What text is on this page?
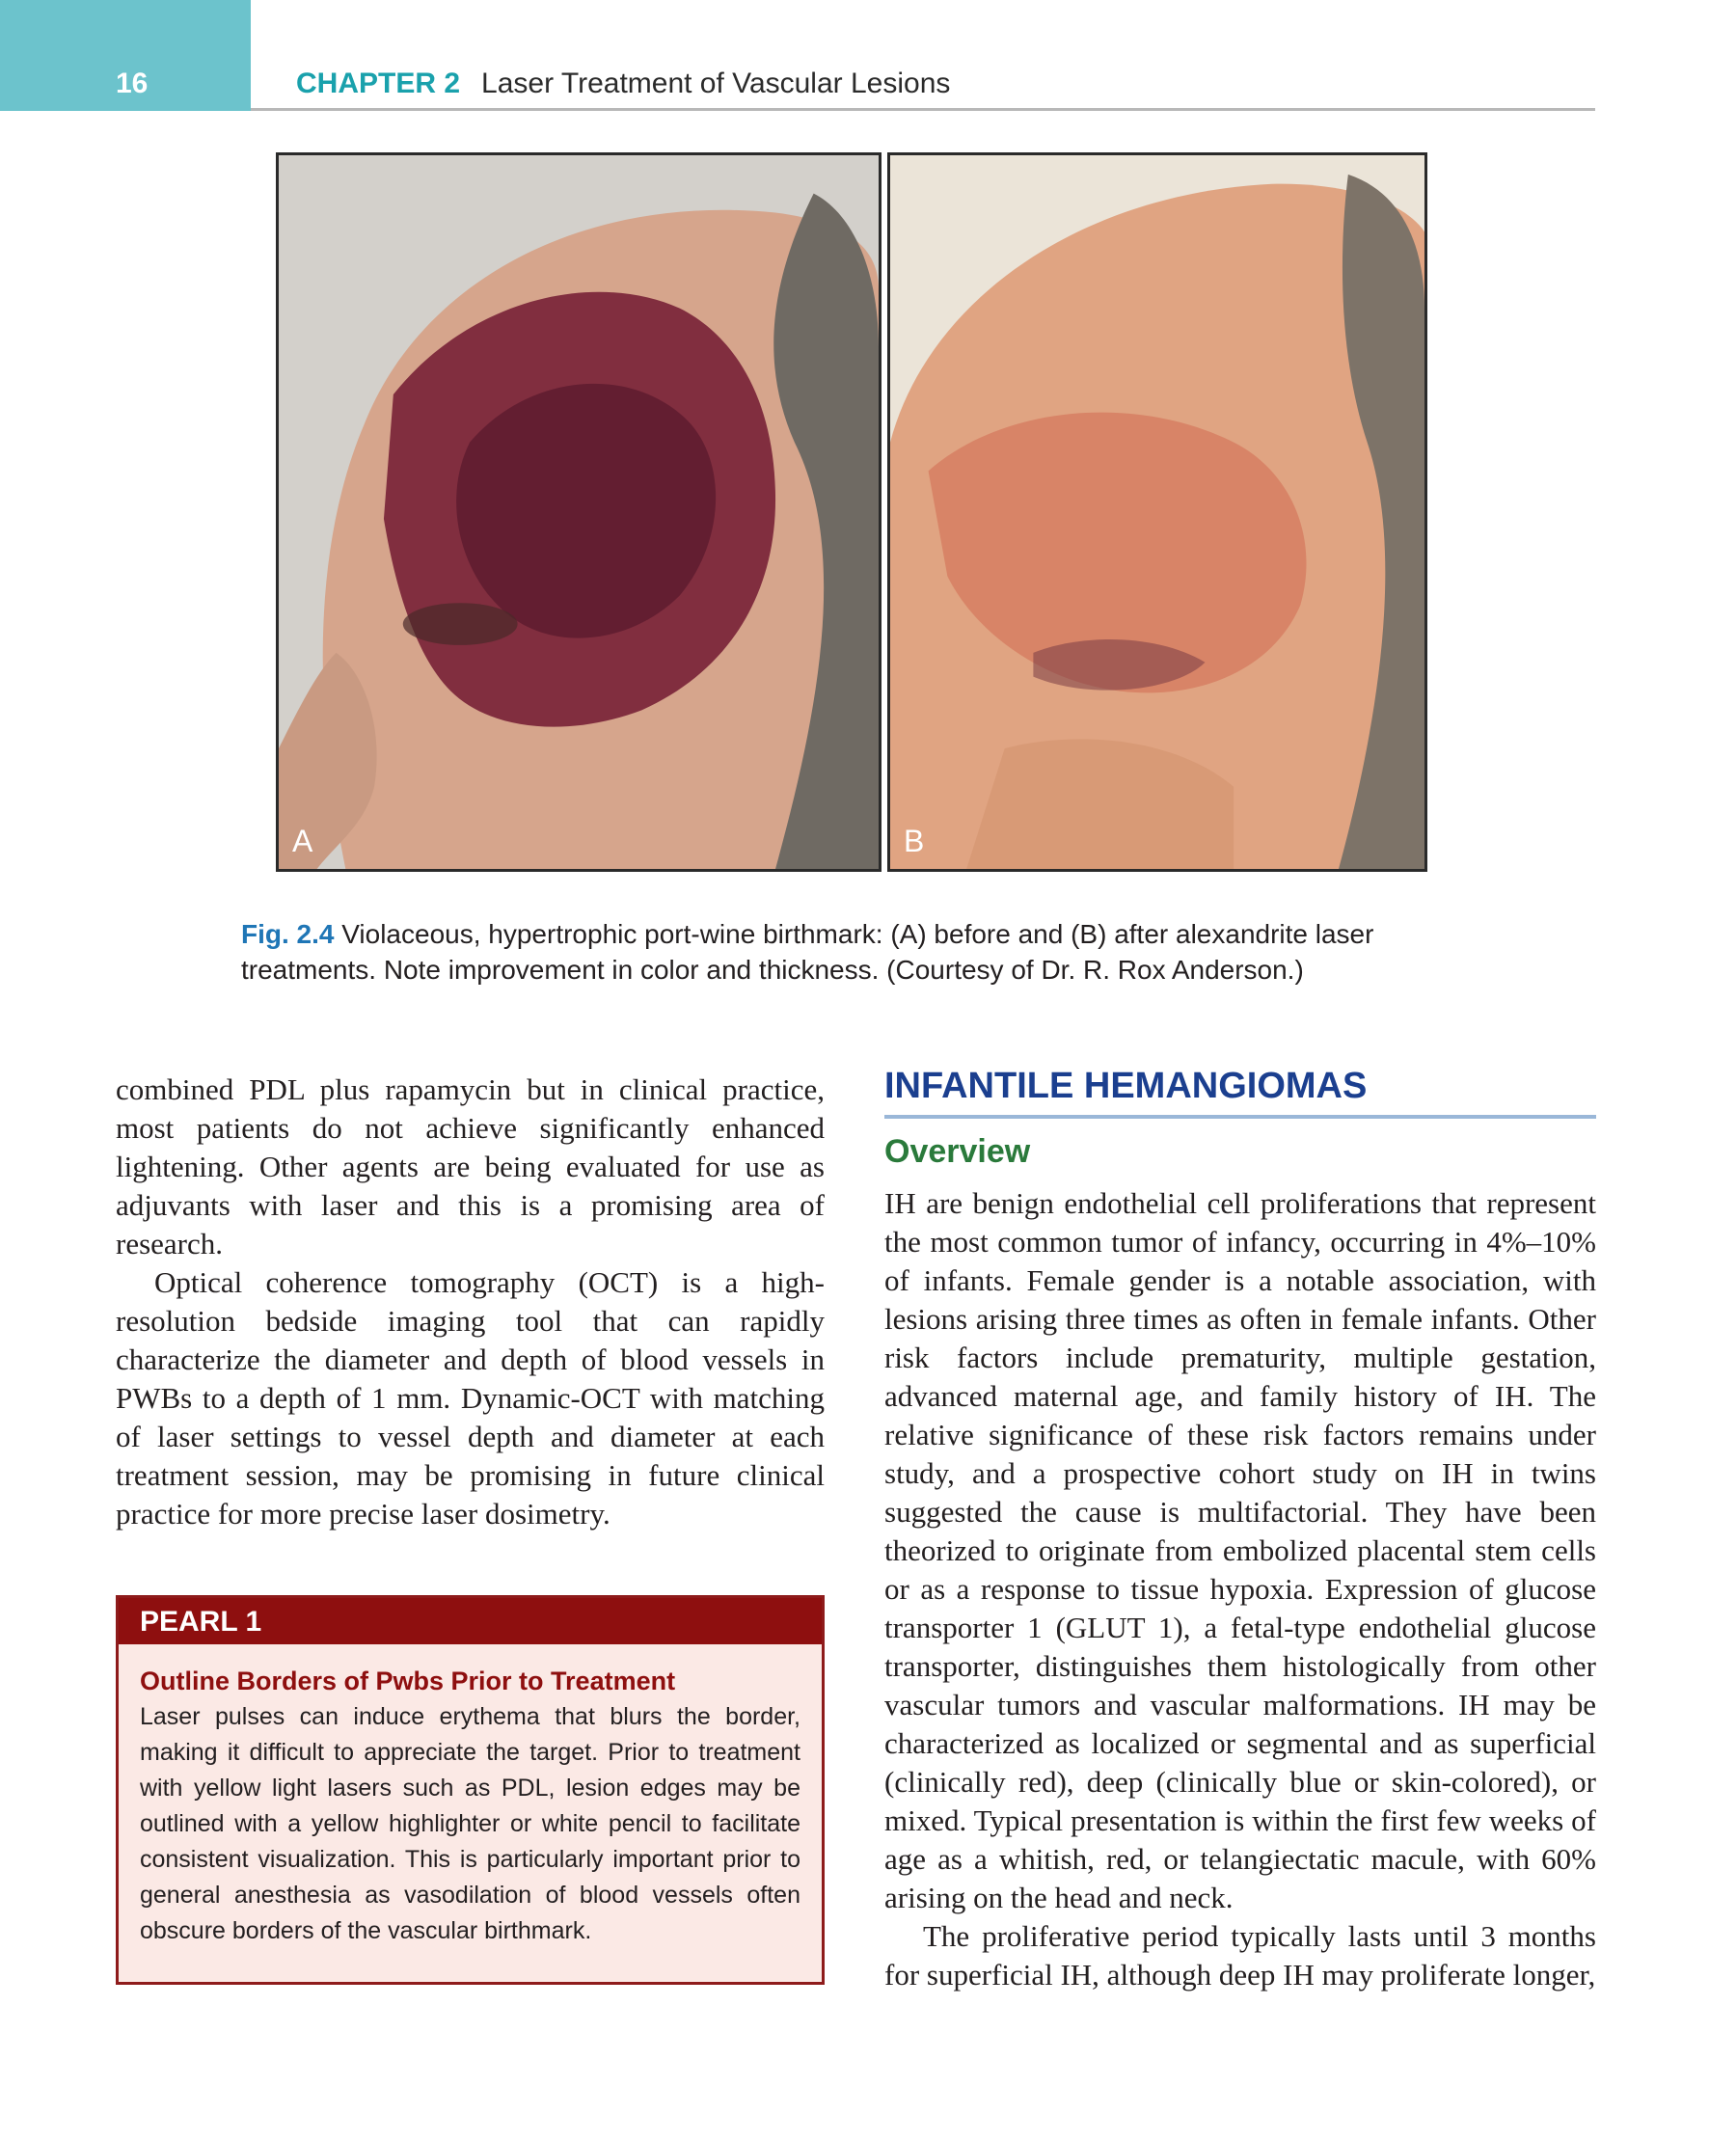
16	CHAPTER 2 Laser Treatment of Vascular Lesions
A	B
Fig. 2.4 Violaceous, hypertrophic port-wine birthmark: (A) before and (B) after alexandrite laser treatments. Note improvement in color and thickness. (Courtesy of Dr. R. Rox Anderson.)

combined PDL plus rapamycin but in clinical practice, most patients do not achieve significantly enhanced lightening. Other agents are being evaluated for use as adjuvants with laser and this is a promising area of research.

Optical coherence tomography (OCT) is a high-resolution bedside imaging tool that can rapidly characterize the diameter and depth of blood vessels in PWBs to a depth of 1 mm. Dynamic-OCT with matching of laser settings to vessel depth and diameter at each treatment session, may be promising in future clinical practice for more precise laser dosimetry.

PEARL 1
Outline Borders of Pwbs Prior to Treatment
Laser pulses can induce erythema that blurs the border, making it difficult to appreciate the target. Prior to treatment with yellow light lasers such as PDL, lesion edges may be outlined with a yellow highlighter or white pencil to facilitate consistent visualization. This is particularly important prior to general anesthesia as vasodilation of blood vessels often obscure borders of the vascular birthmark.
INFANTILE HEMANGIOMAS
Overview

IH are benign endothelial cell proliferations that represent the most common tumor of infancy, occurring in 4%–10% of infants. Female gender is a notable association, with lesions arising three times as often in female infants. Other risk factors include prematurity, multiple gestation, advanced maternal age, and family history of IH. The relative significance of these risk factors remains under study, and a prospective cohort study on IH in twins suggested the cause is multifactorial. They have been theorized to originate from embolized placental stem cells or as a response to tissue hypoxia. Expression of glucose transporter 1 (GLUT 1), a fetal-type endothelial glucose transporter, distinguishes them histologically from other vascular tumors and vascular malformations. IH may be characterized as localized or segmental and as superficial (clinically red), deep (clinically blue or skin-colored), or mixed. Typical presentation is within the first few weeks of age as a whitish, red, or telangiectatic macule, with 60% arising on the head and neck.

The proliferative period typically lasts until 3 months for superficial IH, although deep IH may proliferate longer,
